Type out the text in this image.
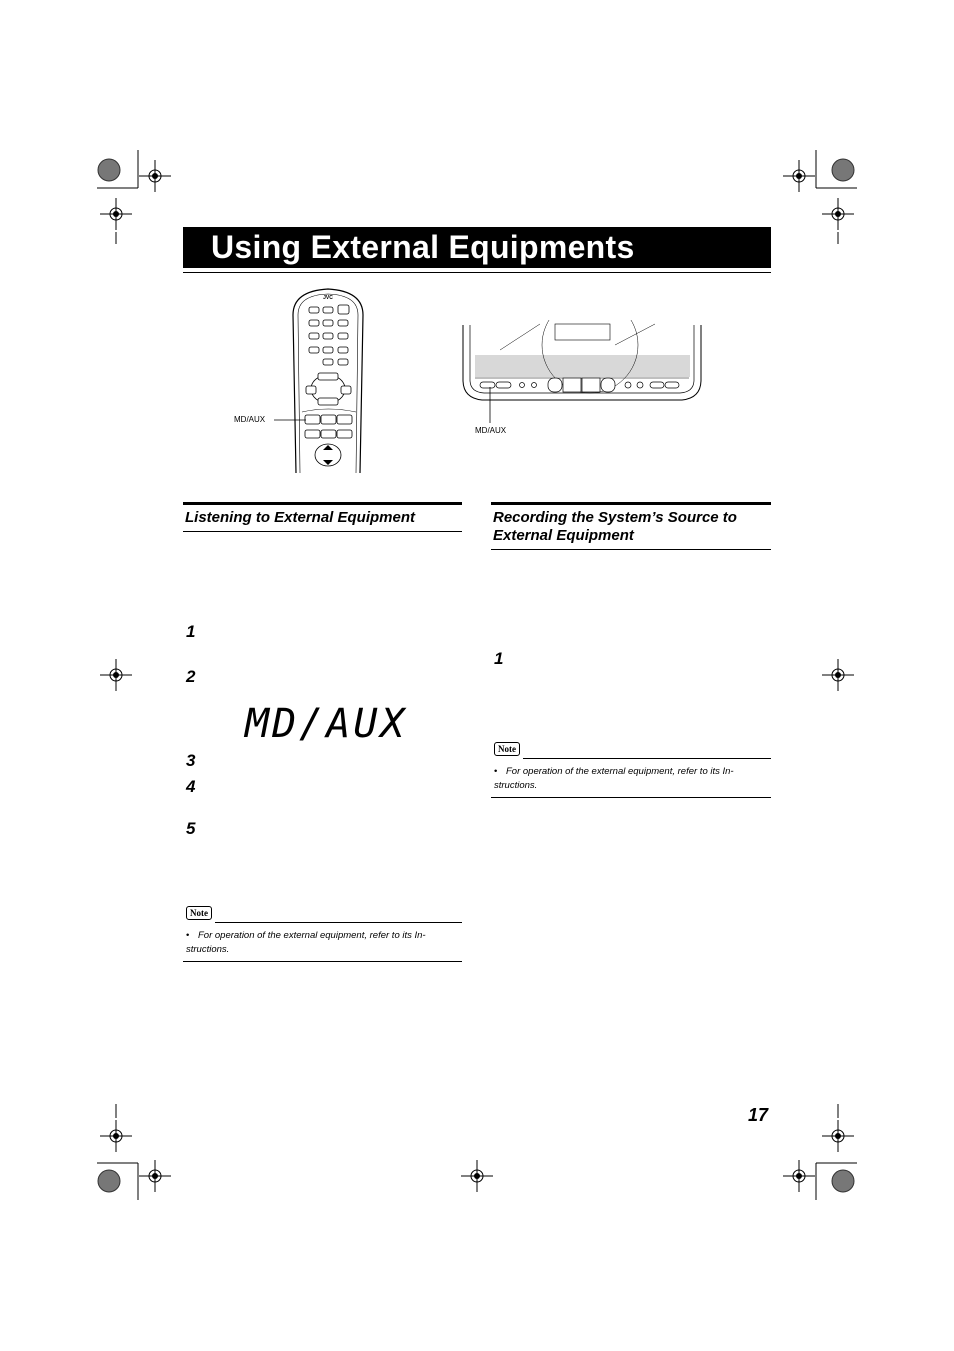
Using External Equipments
JVC
MD/AUX
MD/AUX
Listening to External Equipment
1
2
MD/AUX
3
4
5
Note
• For operation of the external equipment, refer to its In- structions.
Recording the System’s Source to External Equipment
1
Note
• For operation of the external equipment, refer to its In- structions.
17
